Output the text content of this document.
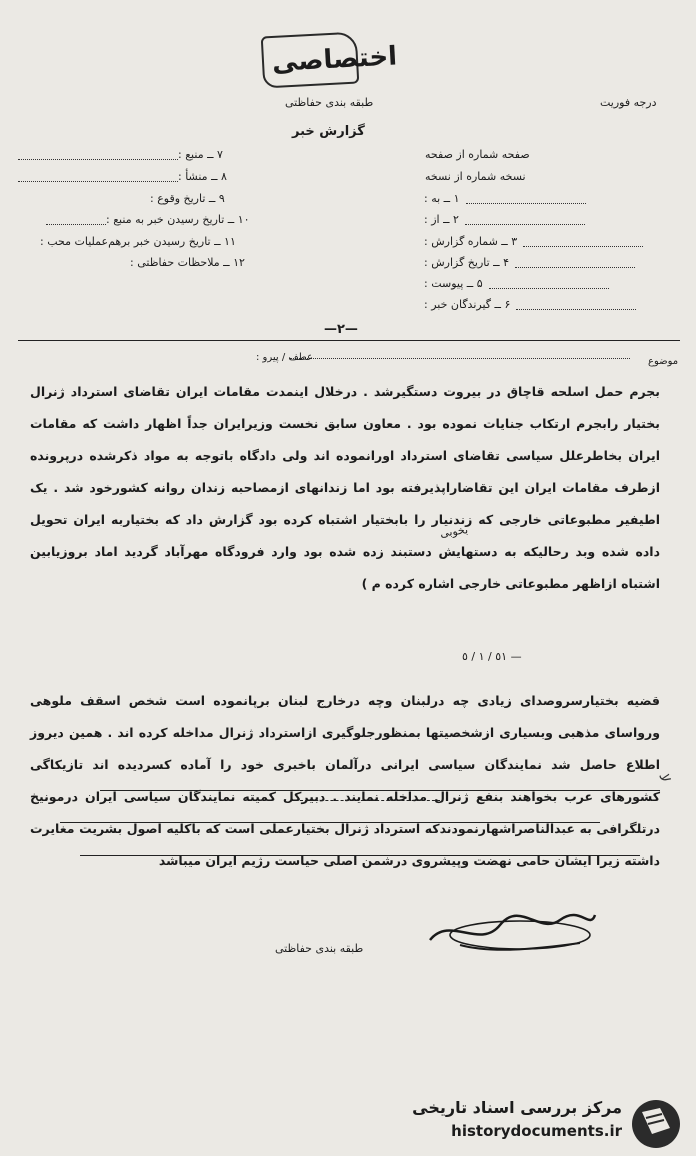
اختصاصی
طبقه بندی حفاظتی
گزارش خبر
درجه فوریت
۷ ــ منبع :
۸ ــ منشأ :
۹ ــ تاریخ وقوع :
۱۰ ــ تاریخ رسیدن خبر به منبع :
۱۱ ــ تاریخ رسیدن خبر برهم‌عملیات محب :
۱۲ ــ ملاحظات حفاظتی :
صفحه شماره از صفحه
نسخه شماره از نسخه
۱ ــ به :
۲ ــ از :
۳ ــ شماره گزارش :
۴ ــ تاریخ گزارش :
۵ ــ پیوست :
۶ ــ گیرندگان خبر :
—۲—
موضوع
عطف / پیرو :
بجرم حمل اسلحه قاچاق در بیروت دستگیرشد . درخلال اینمدت مقامات ایران تقاضای استرداد ژنرال بختیار رابجرم ارتکاب جنایات نموده بود . معاون سابق نخست وزیرایران جداً اظهار داشت که مقامات ایران بخاطرعلل سیاسی تقاضای استرداد اورانموده اند ولی دادگاه باتوجه به مواد ذکرشده درپرونده ازطرف مقامات ایران این تقاضاراپذیرفته بود اما زندانهای ازمصاحبه زندان روانه کشورخود شد . یک اطیفیر مطبوعاتی خارجی که زندنیار را بابختیار اشتباه کرده بود گزارش داد که بختیاربه ایران تحویل داده شده وبد رحالیکه به دستهایش دستبند زده شده بود وارد فرودگاه مهرآباد گردید اماد بروزیابین اشتباه ازاظهر مطبوعاتی خارجی اشاره کرده م )
بخوبی
٥١ / ١ / ٥ —
قضیه بختیارسروصدای زیادی چه درلبنان وچه درخارج لبنان برپانموده است شخص اسقف ملوهی ورواسای مذهبی وبسیاری ازشخصیتها بمنظورجلوگیری ازاسترداد ژنرال مداخله کرده اند . همین دیروز اطلاع حاصل شد نمایندگان سیاسی ایرانی درآلمان باخبری خود را آماده کسردیده اند تازیکاگی کشورهای عرب بخواهند بنفع ژنرال مداخله نمایند . دبیرکل کمیته نمایندگان سیاسی ایران درمونیخ درتلگرافی به عبدالناصراشهارنمودندکه استرداد ژنرال بختیارعملی است که باکلیه اصول بشریت مغایرت داشته زیرا ایشان حامی نهضت وپیشروی درشمن اصلی حیاست رژیم ایران میباشد
ﻻ
طبقه بندی حفاظتی
مرکز بررسی اسناد تاریخی
historydocuments.ir
